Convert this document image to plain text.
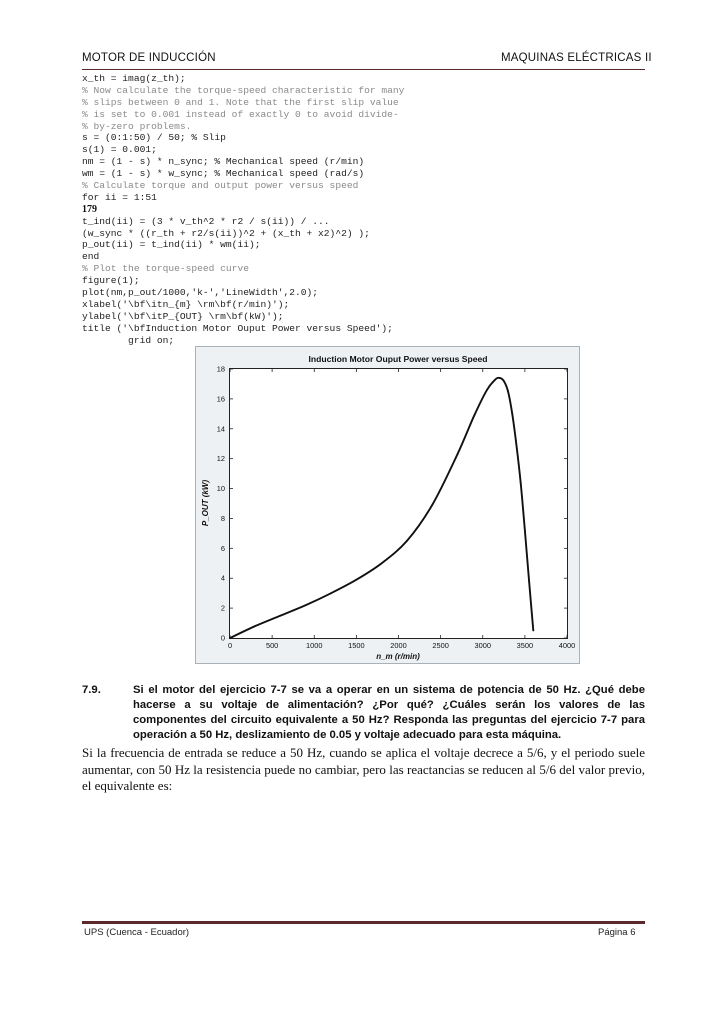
MOTOR DE INDUCCIÓN	MAQUINAS ELÉCTRICAS II
x_th = imag(z_th);
% Now calculate the torque-speed characteristic for many
% slips between 0 and 1. Note that the first slip value
% is set to 0.001 instead of exactly 0 to avoid divide-
% by-zero problems.
s = (0:1:50) / 50; % Slip
s(1) = 0.001;
nm = (1 - s) * n_sync; % Mechanical speed (r/min)
wm = (1 - s) * w_sync; % Mechanical speed (rad/s)
% Calculate torque and output power versus speed
for ii = 1:51
179
t_ind(ii) = (3 * v_th^2 * r2 / s(ii)) / ...
(w_sync * ((r_th + r2/s(ii))^2 + (x_th + x2)^2) );
p_out(ii) = t_ind(ii) * wm(ii);
end
% Plot the torque-speed curve
figure(1);
plot(nm,p_out/1000,'k-','LineWidth',2.0);
xlabel('\bf\itn_{m} \rm\bf(r/min)');
ylabel('\bf\itP_{OUT} \rm\bf(kW)');
title ('\bfInduction Motor Ouput Power versus Speed');
grid on;
Induction Motor Ouput Power versus Speed
0	500	1000	1500	2000	2500	3000	3500	4000
0
2
4
6
8
10
12
14
16
18
n_m (r/min)
P_OUT (kW)
7.9.	Si el motor del ejercicio 7-7 se va a operar en un sistema de potencia de 50 Hz. ¿Qué debe hacerse a su voltaje de alimentación? ¿Por qué? ¿Cuáles serán los valores de las componentes del circuito equivalente a 50 Hz? Responda las preguntas del ejercicio 7-7 para operación a 50 Hz, deslizamiento de 0.05 y voltaje adecuado para esta máquina.
Si la frecuencia de entrada se reduce a 50 Hz, cuando se aplica el voltaje decrece a 5/6, y el periodo suele aumentar, con 50 Hz la resistencia puede no cambiar, pero las reactancias se reducen al 5/6 del valor previo, el equivalente es:
UPS (Cuenca - Ecuador)	Página 6
